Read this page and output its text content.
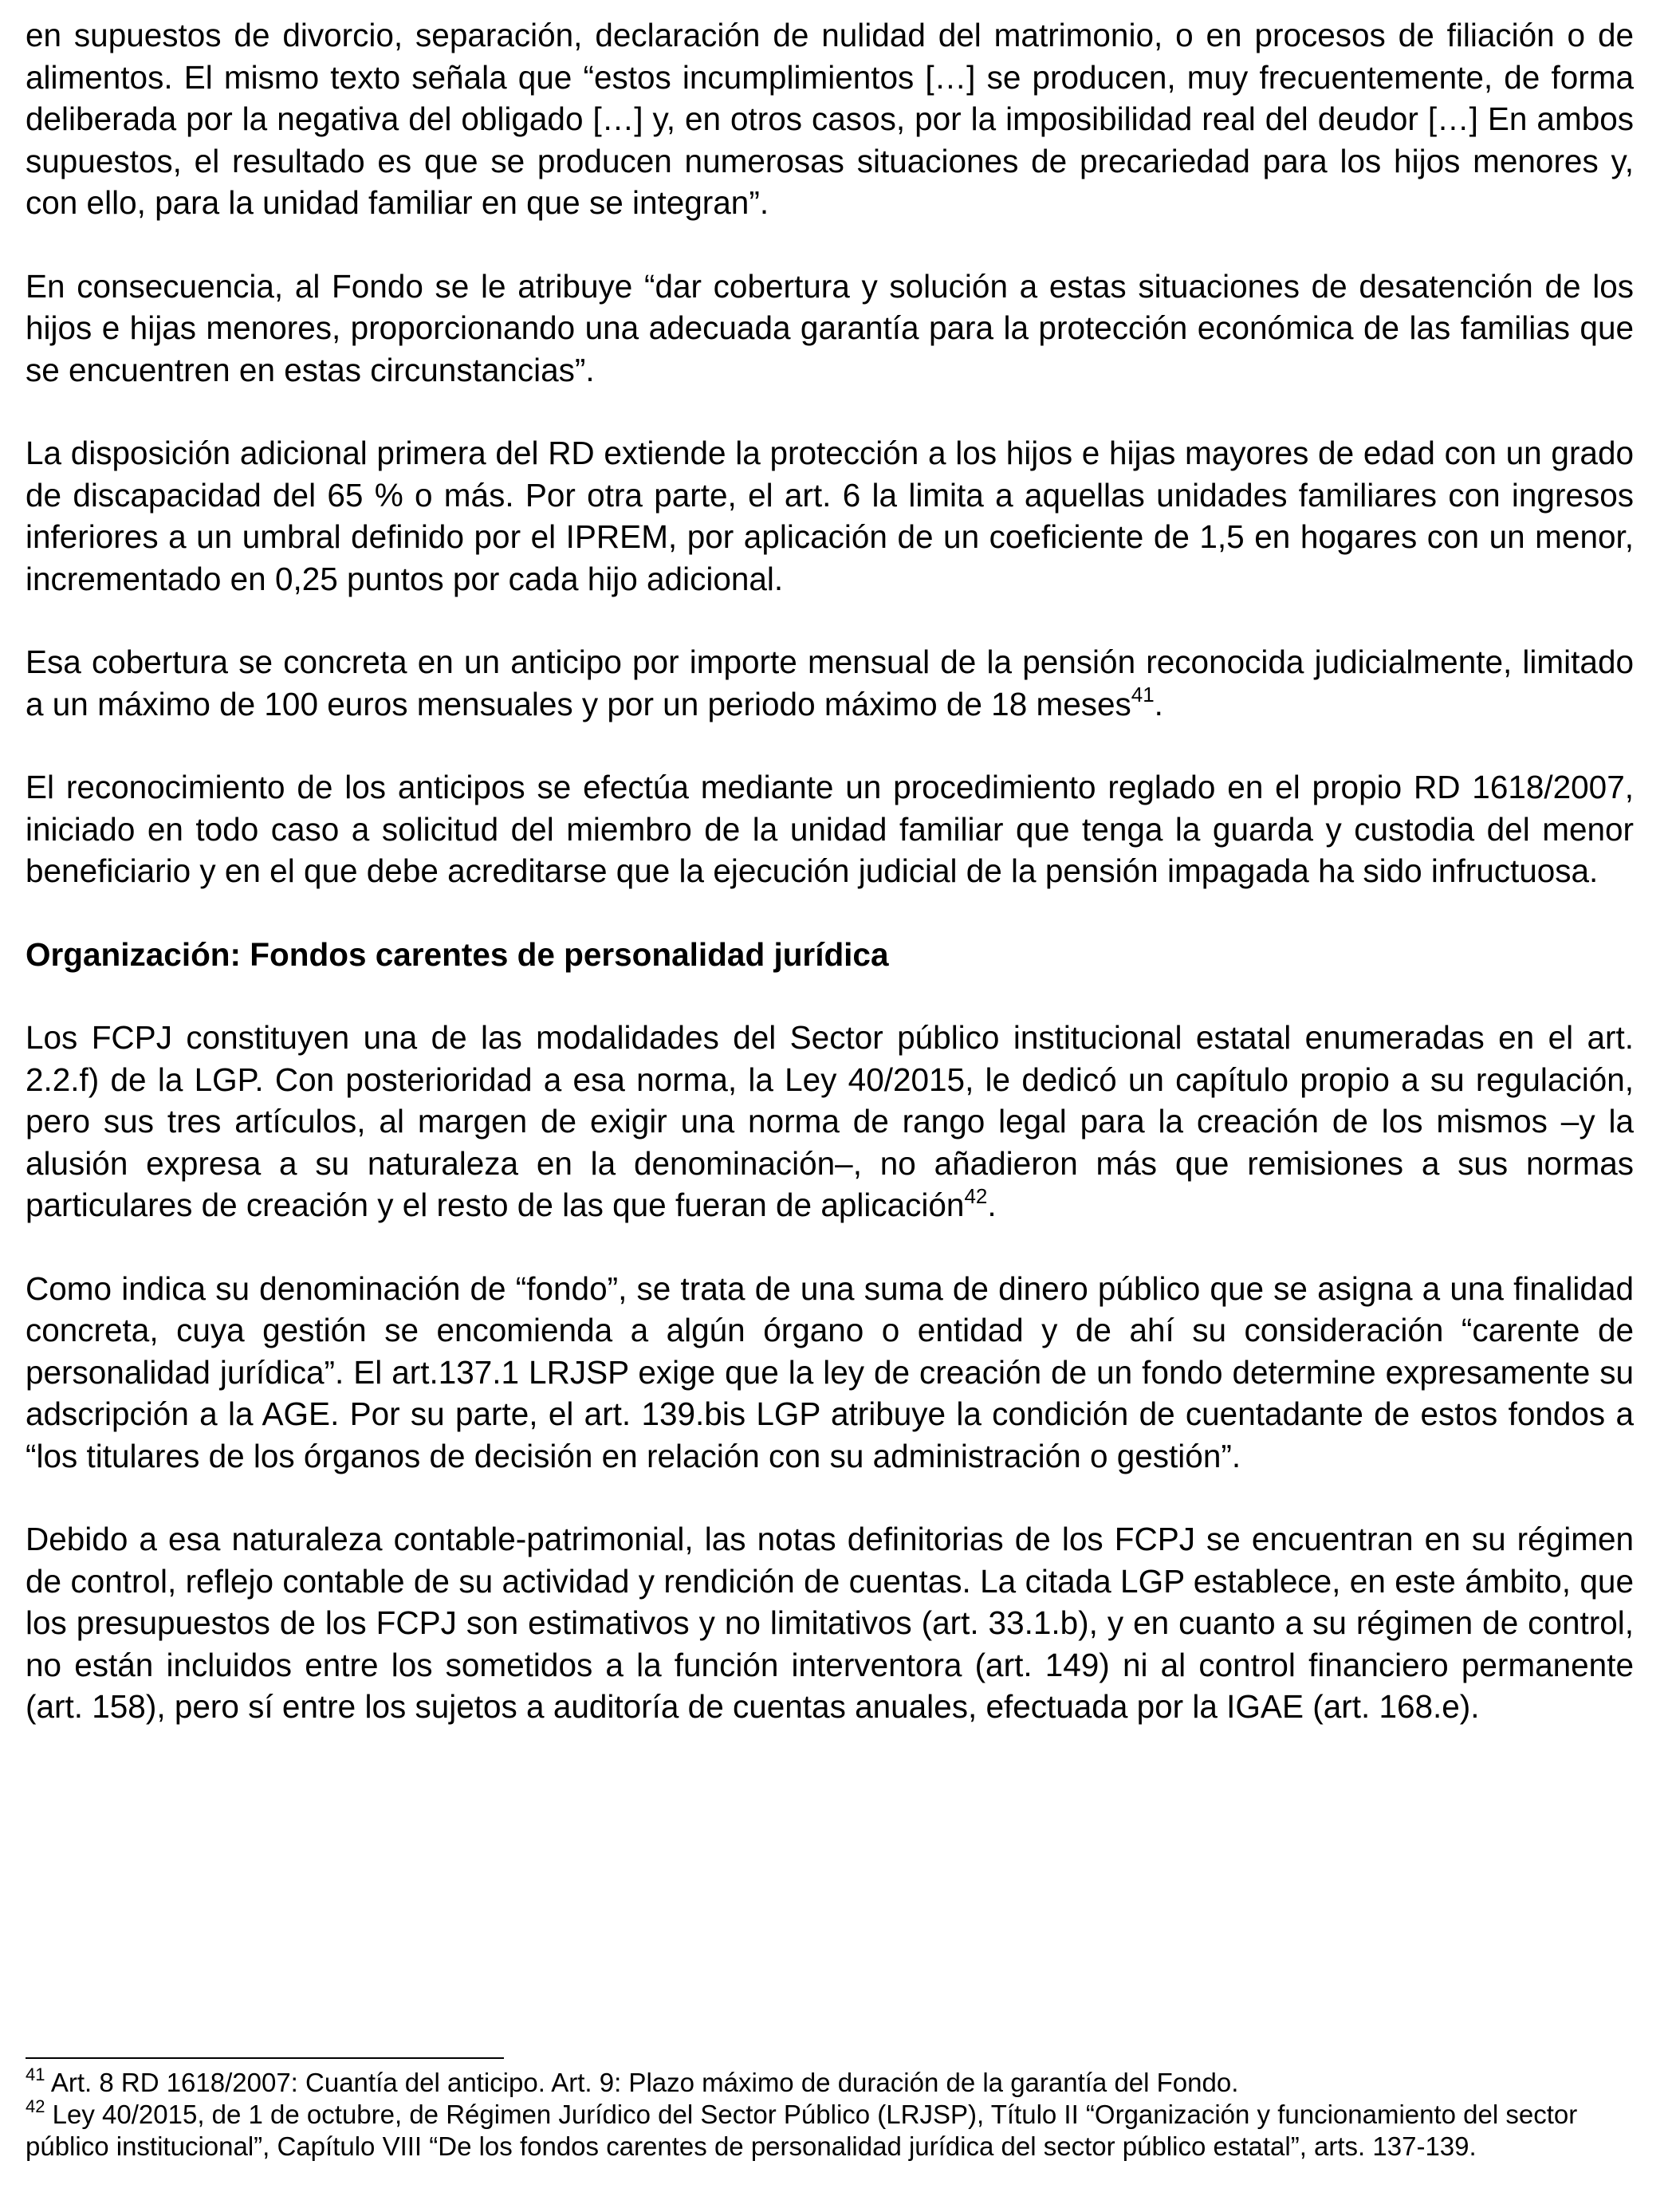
en supuestos de divorcio, separación, declaración de nulidad del matrimonio, o en procesos de filiación o de alimentos. El mismo texto señala que “estos incumplimientos […] se producen, muy frecuentemente, de forma deliberada por la negativa del obligado […] y, en otros casos, por la imposibilidad real del deudor […] En ambos supuestos, el resultado es que se producen numerosas situaciones de precariedad para los hijos menores y, con ello, para la unidad familiar en que se integran”.

En consecuencia, al Fondo se le atribuye “dar cobertura y solución a estas situaciones de desatención de los hijos e hijas menores, proporcionando una adecuada garantía para la protección económica de las familias que se encuentren en estas circunstancias”.

La disposición adicional primera del RD extiende la protección a los hijos e hijas mayores de edad con un grado de discapacidad del 65 % o más. Por otra parte, el art. 6 la limita a aquellas unidades familiares con ingresos inferiores a un umbral definido por el IPREM, por aplicación de un coeficiente de 1,5 en hogares con un menor, incrementado en 0,25 puntos por cada hijo adicional.

Esa cobertura se concreta en un anticipo por importe mensual de la pensión reconocida judicialmente, limitado a un máximo de 100 euros mensuales y por un periodo máximo de 18 meses$^{41}$.

El reconocimiento de los anticipos se efectúa mediante un procedimiento reglado en el propio RD 1618/2007, iniciado en todo caso a solicitud del miembro de la unidad familiar que tenga la guarda y custodia del menor beneficiario y en el que debe acreditarse que la ejecución judicial de la pensión impagada ha sido infructuosa.

Organización: Fondos carentes de personalidad jurídica

Los FCPJ constituyen una de las modalidades del Sector público institucional estatal enumeradas en el art. 2.2.f) de la LGP. Con posterioridad a esa norma, la Ley 40/2015, le dedicó un capítulo propio a su regulación, pero sus tres artículos, al margen de exigir una norma de rango legal para la creación de los mismos –y la alusión expresa a su naturaleza en la denominación–, no añadieron más que remisiones a sus normas particulares de creación y el resto de las que fueran de aplicación$^{42}$.

Como indica su denominación de “fondo”, se trata de una suma de dinero público que se asigna a una finalidad concreta, cuya gestión se encomienda a algún órgano o entidad y de ahí su consideración “carente de personalidad jurídica”. El art.137.1 LRJSP exige que la ley de creación de un fondo determine expresamente su adscripción a la AGE. Por su parte, el art. 139.bis LGP atribuye la condición de cuentadante de estos fondos a “los titulares de los órganos de decisión en relación con su administración o gestión”.

Debido a esa naturaleza contable-patrimonial, las notas definitorias de los FCPJ se encuentran en su régimen de control, reflejo contable de su actividad y rendición de cuentas. La citada LGP establece, en este ámbito, que los presupuestos de los FCPJ son estimativos y no limitativos (art. 33.1.b), y en cuanto a su régimen de control, no están incluidos entre los sometidos a la función interventora (art. 149) ni al control financiero permanente (art. 158), pero sí entre los sujetos a auditoría de cuentas anuales, efectuada por la IGAE (art. 168.e).

$^{41}$ Art. 8 RD 1618/2007: Cuantía del anticipo. Art. 9: Plazo máximo de duración de la garantía del Fondo.

$^{42}$ Ley 40/2015, de 1 de octubre, de Régimen Jurídico del Sector Público (LRJSP), Título II “Organización y funcionamiento del sector público institucional”, Capítulo VIII “De los fondos carentes de personalidad jurídica del sector público estatal”, arts. 137-139.
